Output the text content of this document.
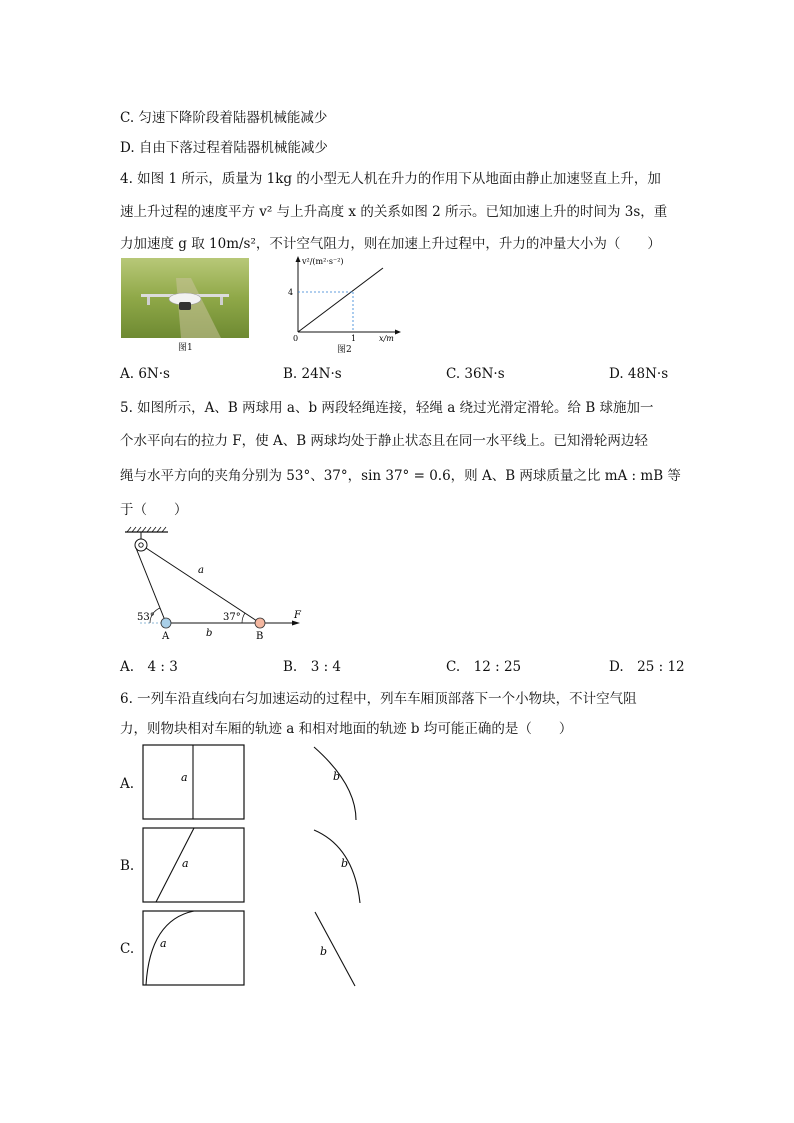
C. 匀速下降阶段着陆器机械能减少
D. 自由下落过程着陆器机械能减少
4. 如图 1 所示，质量为 1kg 的小型无人机在升力的作用下从地面由静止加速竖直上升，加
速上升过程的速度平方 v² 与上升高度 x 的关系如图 2 所示。已知加速上升的时间为 3s，重
力加速度 g 取 10m/s²，不计空气阻力，则在加速上升过程中，升力的冲量大小为（　　）
图1
v²/(m²·s⁻²)
4
0	1	x/m
图2
A. 6N·s	B. 24N·s	C. 36N·s	D. 48N·s
5. 如图所示，A、B 两球用 a、b 两段轻绳连接，轻绳 a 绕过光滑定滑轮。给 B 球施加一
个水平向右的拉力 F，使 A、B 两球均处于静止状态且在同一水平线上。已知滑轮两边轻
绳与水平方向的夹角分别为 53°、37°，sin 37° = 0.6，则 A、B 两球质量之比 mA : mB 等
于（　　）
53°	37°
a
b
A	B
F
A.　4 : 3	B.　3 : 4	C.　12 : 25	D.　25 : 12
6. 一列车沿直线向右匀加速运动的过程中，列车车厢顶部落下一个小物块，不计空气阻
力，则物块相对车厢的轨迹 a 和相对地面的轨迹 b 均可能正确的是（　　）
A.	a	b
B.	a	b
C. a
b
